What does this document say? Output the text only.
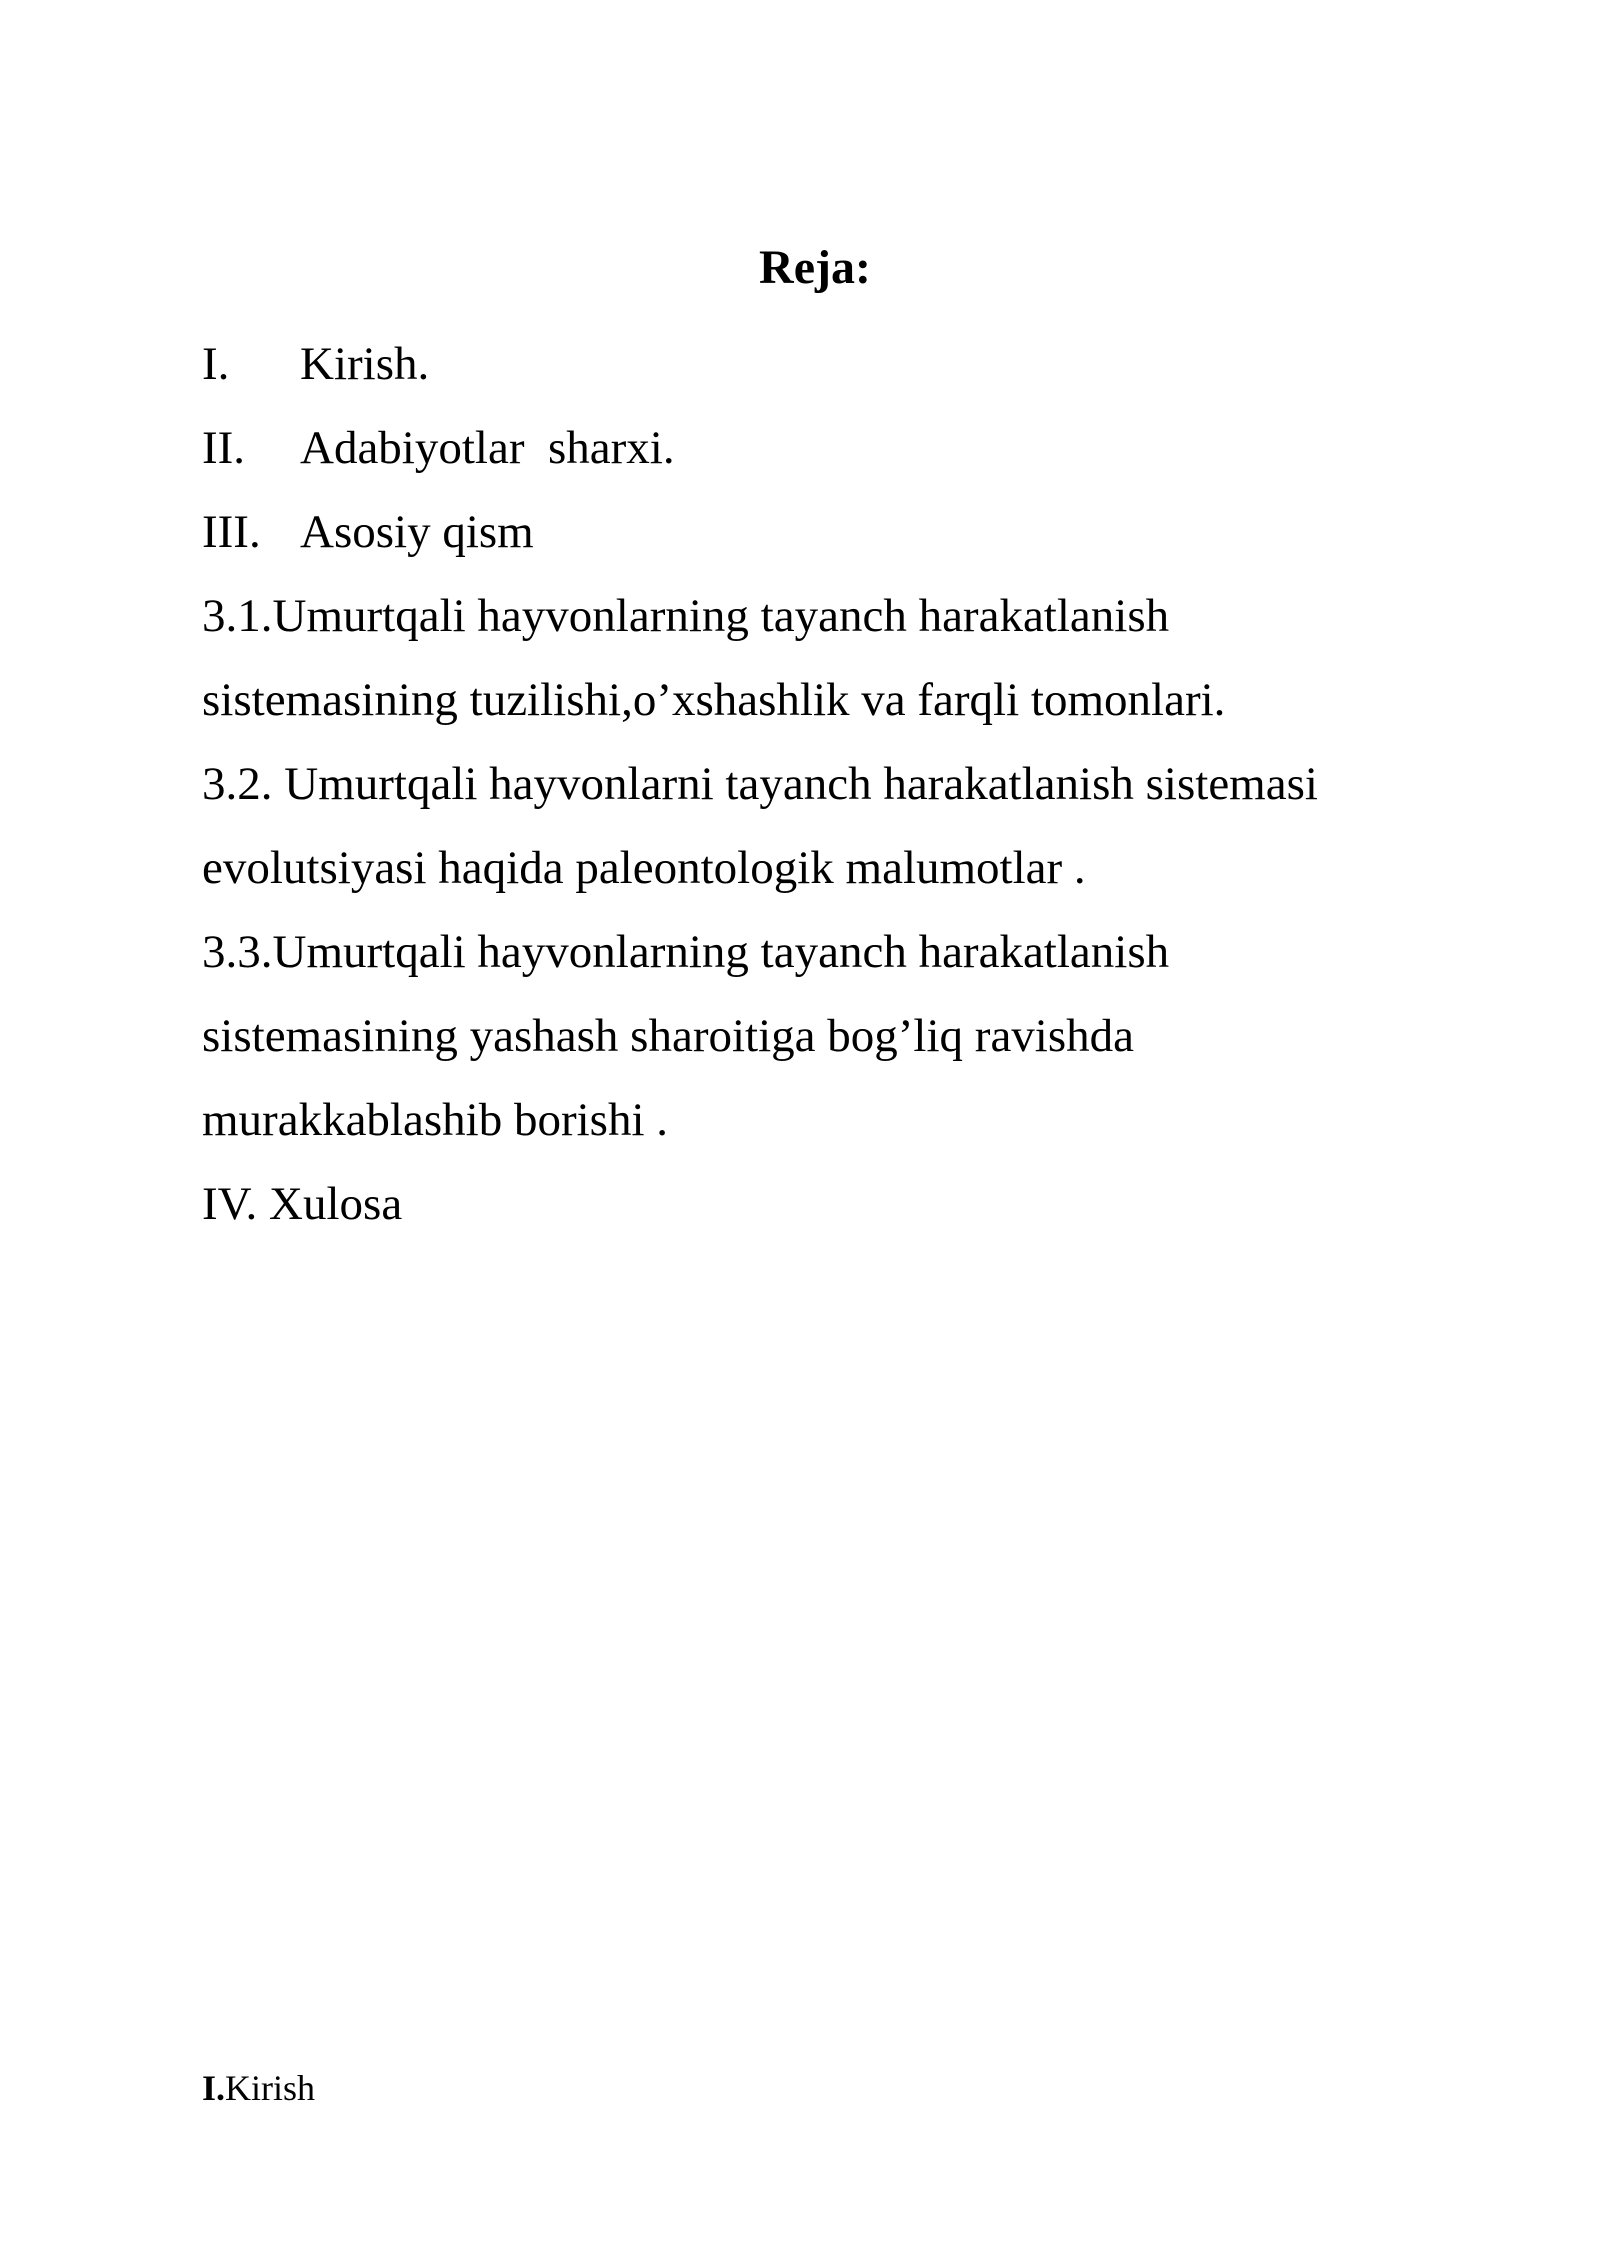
Reja:
I.	Kirish.
II.	Adabiyotlar  sharxi.
III. Asosiy qism
3.1.Umurtqali hayvonlarning tayanch harakatlanish
sistemasining tuzilishi,o’xshashlik va farqli tomonlari.
3.2. Umurtqali hayvonlarni tayanch harakatlanish sistemasi
evolutsiyasi haqida paleontologik malumotlar .
3.3.Umurtqali hayvonlarning tayanch harakatlanish
sistemasining yashash sharoitiga bog’liq ravishda
murakkablashib borishi .
IV. Xulosa

I.Kirish
